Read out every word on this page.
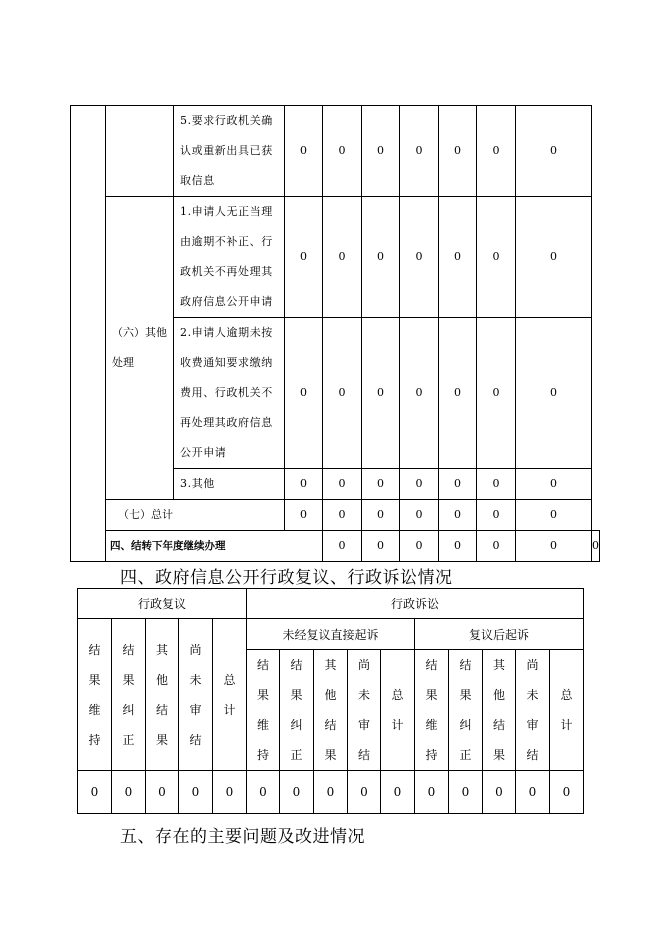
		5.要求行政机关确认或重新出具已获取信息	0	0	0	0	0	0	0	
	（六）其他处理	1.申请人无正当理由逾期不补正、行政机关不再处理其政府信息公开申请	0	0	0	0	0	0	0	
		2.申请人逾期未按收费通知要求缴纳费用、行政机关不再处理其政府信息公开申请	0	0	0	0	0	0	0	
		3.其他	0	0	0	0	0	0	0	
	（七）总计		0	0	0	0	0	0	0	
	四、结转下年度继续办理			0	0	0	0	0	0	0
四、政府信息公开行政复议、行政诉讼情况
行政复议					行政诉讼									

结果维持	结果纠正	其他结果	尚未审结	总计	未经复议直接起诉					复议后起诉				

					结果维持	结果纠正	其他结果	尚未审结	总计	结果维持	结果纠正	其他结果	尚未审结	总计

0	0	0	0	0	0	0	0	0	0	0	0	0	0	0
五、存在的主要问题及改进情况
